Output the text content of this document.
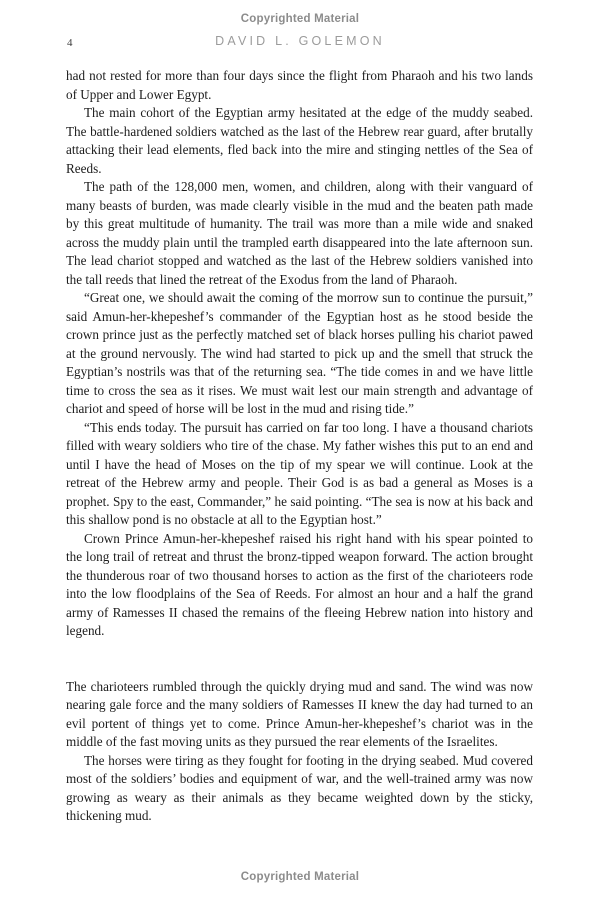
Copyrighted Material
4	DAVID L. GOLEMON

had not rested for more than four days since the flight from Pharaoh and his two lands of Upper and Lower Egypt.

The main cohort of the Egyptian army hesitated at the edge of the muddy seabed. The battle-hardened soldiers watched as the last of the Hebrew rear guard, after brutally attacking their lead elements, fled back into the mire and stinging nettles of the Sea of Reeds.

The path of the 128,000 men, women, and children, along with their vanguard of many beasts of burden, was made clearly visible in the mud and the beaten path made by this great multitude of humanity. The trail was more than a mile wide and snaked across the muddy plain until the trampled earth disappeared into the late afternoon sun. The lead chariot stopped and watched as the last of the Hebrew soldiers vanished into the tall reeds that lined the retreat of the Exodus from the land of Pharaoh.

“Great one, we should await the coming of the morrow sun to continue the pursuit,” said Amun-her-khepeshef’s commander of the Egyptian host as he stood beside the crown prince just as the perfectly matched set of black horses pulling his chariot pawed at the ground nervously. The wind had started to pick up and the smell that struck the Egyptian’s nostrils was that of the returning sea. “The tide comes in and we have little time to cross the sea as it rises. We must wait lest our main strength and advantage of chariot and speed of horse will be lost in the mud and rising tide.”

“This ends today. The pursuit has carried on far too long. I have a thousand chariots filled with weary soldiers who tire of the chase. My father wishes this put to an end and until I have the head of Moses on the tip of my spear we will continue. Look at the retreat of the Hebrew army and people. Their God is as bad a general as Moses is a prophet. Spy to the east, Commander,” he said pointing. “The sea is now at his back and this shallow pond is no obstacle at all to the Egyptian host.”

Crown Prince Amun-her-khepeshef raised his right hand with his spear pointed to the long trail of retreat and thrust the bronz-tipped weapon forward. The action brought the thunderous roar of two thousand horses to action as the first of the charioteers rode into the low floodplains of the Sea of Reeds. For almost an hour and a half the grand army of Ramesses II chased the remains of the fleeing Hebrew nation into history and legend.

The charioteers rumbled through the quickly drying mud and sand. The wind was now nearing gale force and the many soldiers of Ramesses II knew the day had turned to an evil portent of things yet to come. Prince Amun-her-khepeshef’s chariot was in the middle of the fast moving units as they pursued the rear elements of the Israelites.

The horses were tiring as they fought for footing in the drying seabed. Mud covered most of the soldiers’ bodies and equipment of war, and the well-trained army was now growing as weary as their animals as they became weighted down by the sticky, thickening mud.

Copyrighted Material
